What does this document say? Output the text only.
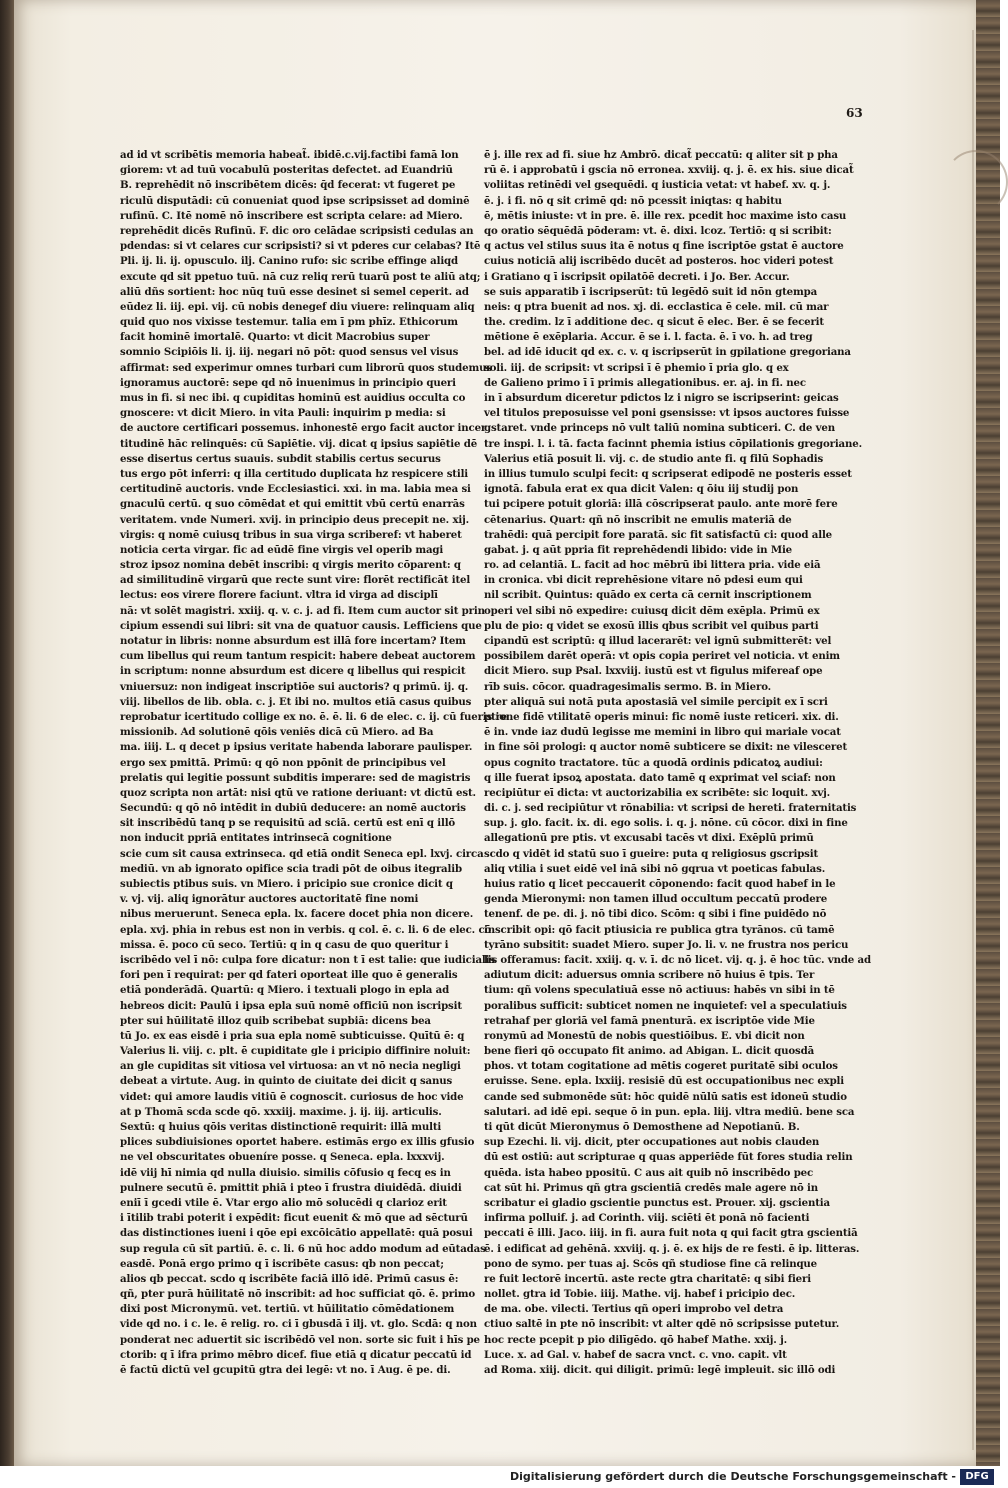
63
ad id vt scribētis memoria habeat̃. ibidē.c.vij.factibi famā lon
giorem: vt ad tuū vocabulū posteritas defectet. ad Euandriū
B. reprehēdit nō inscribētem dicēs: q̄d fecerat: vt fugeret pe
riculū disputādi: cū conueniat quod ipse scripsisset ad dominē
rufinū. C. Itē nomē nō inscribere est scripta celare: ad Miero.
reprehēdit dicēs Rufinū. F. dic oro celādae scripsisti cedulas an
pdendas: si vt celares cur scripsisti? si vt pderes cur celabas? Itē
Pli. ij. li. ij. opusculo. ilj. Canino rufo: sic scribe effinge aliqd
excute qd sit ppetuo tuū. nā cuz reliq rerū tuarū post te aliū atq;
aliū dñs sortient: hoc nūq tuū esse desinet si semel ceperit. ad
eūdez li. iij. epi. vij. cū nobis denegef diu viuere: relinquam aliq
quid quo nos vixisse testemur. talia em ī pm phīz. Ethicorum
facit hominē imortalē. Quarto: vt dicit Macrobius super
somnio Scipiōis li. ij. iij. negari nō pōt: quod sensus vel visus
affirmat: sed experimur omnes turbari cum librorū quos studemus
ignoramus auctorē: sepe qd nō inuenimus in principio queri
mus in fi. si nec ibi. q cupiditas hominū est auidius occulta co
gnoscere: vt dicit Miero. in vita Pauli: inquirim p media: si
de auctore certificari possemus. inhonestē ergo facit auctor incer
titudinē hāc relinquēs: cū Sapiētie. vij. dicat q ipsius sapiētie dē
esse disertus certus suauis. subdit stabilis certus securus
tus ergo pōt inferri: q illa certitudo duplicata hz respicere stili
certitudinē auctoris. vnde Ecclesiastici. xxi. in ma. labia mea si
gnaculū certū. q suo cōmēdat et qui emittit vbū certū enarrās
veritatem. vnde Numeri. xvij. in principio deus precepit ne. xij.
virgis: q nomē cuiusq tribus in sua virga scriberef: vt haberet
noticia certa virgar. fic ad eūdē fine virgis vel operib magi
stroz ipsoz nomina debēt inscribi: q virgis merito cōparent: q
ad similitudinē virgarū que recte sunt vire: florēt rectificāt itel
lectus: eos virere florere faciunt. vltra id virga ad disciplī
nā: vt solēt magistri. xxiij. q. v. c. j. ad fi. Item cum auctor sit prin
cipium essendi sui libri: sit vna de quatuor causis. Lefficiens que
notatur in libris: nonne absurdum est illā fore incertam? Item
cum libellus qui reum tantum respicit: habere debeat auctorem
in scriptum: nonne absurdum est dicere q libellus qui respicit
vniuersuz: non indigeat inscriptiōe sui auctoris? q primū. ij. q.
viij. libellos de lib. obla. c. j. Et ibi no. multos etiā casus quibus
reprobatur icertitudo collige ex no. ē. ē. li. 6 de elec. c. ij. cū fueris re
missionib. Ad solutionē qōis veniēs dicā cū Miero. ad Ba
ma. iiij. L. q decet p ipsius veritate habenda laborare paulisper.
ergo sex pmittā. Primū: q qō non ppōnit de principibus vel
prelatis qui legitie possunt subditis imperare: sed de magistris
quoz scripta non artāt: nisi qtū ve ratione deriuant: vt dictū est.
Secundū: q qō nō intēdit in dubiū deducere: an nomē auctoris
sit inscribēdū tanq p se requisitū ad sciā. certū est enī q illō
non inducit ppriā entitates intrinsecā cognitione
scie cum sit causa extrinseca. qd etiā ondit Seneca epl. lxvj. circa
mediū. vn ab ignorato opifice scia tradi pōt de oibus itegralib
subiectis ptibus suis. vn Miero. i pricipio sue cronice dicit q
v. vj. vij. aliq ignorātur auctores auctoritatē fine nomi
nibus meruerunt. Seneca epla. lx. facere docet phia non dicere.
epla. xvj. phia in rebus est non in verbis. q col. ē. c. li. 6 de elec. cō
missa. ē. poco cū seco. Tertiū: q in q casu de quo queritur i
iscribēdo vel ī nō: culpa fore dicatur: non t ī est talie: que iudicialis
fori pen ī requirat: per qd fateri oporteat ille quo ē generalis
etiā ponderādā. Quartū: q Miero. i textuali plogo in epla ad
hebreos dicit: Paulū i ipsa epla suū nomē officiū non iscripsit
pter sui hūilitatē illoz quib scribebat supbiā: dicens bea
tū Jo. ex eas eisdē i pria sua epla nomē subticuisse. Quītū ē: q
Valerius li. viij. c. plt. ē cupiditate gle i pricipio diffinire noluit:
an gle cupiditas sit vitiosa vel virtuosa: an vt nō necia negligi
debeat a virtute. Aug. in quinto de ciuitate dei dicit q sanus
videt: qui amore laudis vitiū ē cognoscit. curiosus de hoc vide
at p Thomā scda scde qō. xxxiij. maxime. j. ij. iij. articulis.
Sextū: q huius qōis veritas distinctionē requirit: illā multi
plices subdiuisiones oportet habere. estimās ergo ex illis gfusio
ne vel obscuritates obueníre posse. q Seneca. epla. lxxxvij.
idē viij hī nimia qd nulla diuisio. similis cōfusio q fecq es in
pulnere secutū ē. pmittit phiā i pteo ī frustra diuidēdā. diuidi
eniī ī gcedi vtile ē. Vtar ergo alio mō solucēdi q clarioz erit
i ītilib trabi poterit i expēdit: ficut euenit & mō que ad sēcturū
das distinctiones iueni i qōe epi excōicātio appellatē: quā posui
sup regula cū sīt partiū. ē. c. li. 6 nū hoc addo modum ad eūtadas
easdē. Ponā ergo primo q ī iscribēte casus: qb non peccat;
alios qb peccat. scdo q iscribēte faciā illō idē. Primū casus ē:
qñ, pter purā hūilitatē nō inscribit: ad hoc sufficiat qō. ē. primo
dixi post Micronymū. vet. tertiū. vt hūilitatio cōmēdationem
vide qd no. i c. le. ē relig. ro. ci ī gbusdā ī ilj. vt. glo. Scdā: q non
ponderat nec aduertit sic iscribēdō vel non. sorte sic fuit i hīs pe
ctorib: q ī ifra primo mēbro dicef. fiue etiā q dicatur peccatū id
ē factū dictū vel gcupitū gtra dei legē: vt no. ī Aug. ē pe. di.
ē j. ille rex ad fi. siue hz Ambrō. dicat̃ peccatū: q aliter sit p pha
rū ē. i approbatū i gscia nō erronea. xxviij. q. j. ē. ex his. siue dicat̃
voliitas retinēdi vel gsequēdi. q iusticia vetat: vt habef. xv. q. j.
ē. j. i fi. nō q sit crimē qd: nō pcessit iniqtas: q habitu
ē, mētis iniuste: vt in pre. ē. ille rex. pcedit hoc maxime isto casu
qo oratio sēquēdā pōderam: vt. ē. dixi. lcoz. Tertiō: q si scribit:
q actus vel stilus suus ita ē notus q fine iscriptōe gstat ē auctore
cuius noticiā alij iscribēdo ducēt ad posteros. hoc videri potest
i Gratiano q ī iscripsit opilatōē decreti. i Jo. Ber. Accur.
se suis apparatib ī iscripserūt: tū legēdō suit id nōn gtempa
neis: q ptra buenit ad nos. xj. di. ecclastica ē cele. mil. cū mar
the. credim. lz ī additione dec. q sicut ē elec. Ber. ē se fecerit
mētione ē exēplaria. Accur. ē se i. l. facta. ē. ī vo. h. ad treg
bel. ad idē iducit qd ex. c. v. q iscripserūt in gpilatione gregoriana
soli. iij. de scripsit: vt scripsi ī ē phemio ī pria glo. q ex
de Galieno primo ī ī primis allegationibus. er. aj. in fi. nec
in ī absurdum diceretur pdictos lz i nigro se iscripserint: geicas
vel titulos preposuisse vel poni gsensisse: vt ipsos auctores fuisse
gstaret. vnde princeps nō vult taliū nomina subticeri. C. de ven
tre inspi. l. i. tā. facta facinnt phemia istius cōpilationis gregoriane.
Valerius etiā posuit li. vij. c. de studio ante fi. q filū Sophadis
in illius tumulo sculpi fecit: q scripserat edipodē ne posteris esset
ignotā. fabula erat ex qua dicit Valen: q ōiu iij studij pon
tui pcipere potuit gloriā: illā cōscripserat paulo. ante morē fere
cētenarius. Quart: qñ nō inscribit ne emulis materiā de
trahēdi: quā percipit fore paratā. sic fit satisfactū ci: quod alle
gabat. j. q aūt ppria fit reprehēdendi libido: vide in Mie
ro. ad celantiā. L. facit ad hoc mēbrū ibi littera pria. vide eiā
in cronica. vbi dicit reprehēsione vitare nō pdesi eum qui
nil scribit. Quintus: quādo ex certa cā cernit inscriptionem
operi vel sibi nō expedire: cuiusq dicit dēm exēpla. Primū ex
plu de pio: q videt se exosū illis qbus scribit vel quibus parti
cipandū est scriptū: q illud lacerarēt: vel ignū submitterēt: vel
possibilem darēt operā: vt opis copia periret vel noticia. vt enim
dicit Miero. sup Psal. lxxviij. iustū est vt figulus mifereaf ope
rīb suis. cōcor. quadragesimalis sermo. B. in Miero.
pter aliquā sui notā puta apostasiā vel simile percipit ex ī scri
ptione fidē vtilitatē operis minui: fic nomē iuste reticeri. xix. di.
ē in. vnde iaz dudū legisse me memini in libro qui mariale vocat
in fine sōi prologi: q auctor nomē subticere se dixit: ne vilesceret
opus cognito tractatore. tūc a quodā ordinis pdicatoꝝ audiui:
q ille fuerat ipsoꝝ apostata. dato tamē q exprimat vel sciaf: non
recipiūtur eī dicta: vt auctorizabilia ex scribēte: sic loquit. xvj.
di. c. j. sed recipiūtur vt rōnabilia: vt scripsi de hereti. fraternitatis
sup. j. glo. facit. ix. di. ego solis. i. q. j. nōne. cū cōcor. dixi in fine
allegationū pre ptis. vt excusabi tacēs vt dixi. Exēplū primū
scdo q vidēt id statū suo ī gueire: puta q religiosus gscripsit
aliq vtilia i suet eidē vel inā sibi nō gqrua vt poeticas fabulas.
huius ratio q licet peccauerit cōponendo: facit quod habef in le
genda Mieronymi: non tamen illud occultum peccatū prodere
tenenf. de pe. di. j. nō tibi dico. Scōm: q sibi i fine puidēdo nō
inscribit opi: qō facit ptiusicia re publica gtra tyrānos. cū tamē
tyrāno subsitit: suadet Miero. super Jo. li. v. ne frustra nos pericu
lis offeramus: facit. xxiij. q. v. ī. dc nō licet. vij. q. j. ē hoc tūc. vnde ad
adiutum dicit: aduersus omnia scribere nō huius ē tpis. Ter
tium: qñ volens speculatiuā esse nō actiuus: habēs vn sibi in tē
poralibus sufficit: subticet nomen ne inquietef: vel a speculatiuis
retrahaf per gloriā vel famā pnenturā. ex iscriptōe vide Mie
ronymū ad Monestū de nobis questiōibus. E. vbi dicit non
bene fieri qō occupato fit animo. ad Abigan. L. dicit quosdā
phos. vt totam cogitatione ad mētis cogeret puritatē sibi oculos
eruisse. Sene. epla. lxxiij. resisiē dū est occupationibus nec expli
cande sed submonēde sūt: hōc quidē nūlū satis est idoneū studio
salutari. ad idē epi. seque ō in pun. epla. liij. vltra mediū. bene sca
ti qūt dicūt Mieronymus ō Demosthene ad Nepotianū. B.
sup Ezechi. li. vij. dicit, pter occupationes aut nobis clauden
dū est ostiū: aut scripturae q quas apperiēde fūt fores studia relin
quēda. ista habeo ppositū. C aus ait quib nō inscribēdo pec
cat sūt hi. Primus qñ gtra gscientiā credēs male agere nō in
scribatur ei gladio gscientie punctus est. Prouer. xij. gscientia
infirma polluif. j. ad Corinth. viij. sciēti ēt ponā nō facienti
peccati ē illi. Jaco. iiij. in fi. aura fuit nota q qui facit gtra gscientiā
ē. i edificat ad gehēnā. xxviij. q. j. ē. ex hijs de re festi. ē ip. litteras.
pono de symo. per tuas aj. Scōs qñ studiose fine cā relinque
re fuit lectorē incertū. aste recte gtra charitatē: q sibi fieri
nollet. gtra id Tobie. iiij. Mathe. vij. habef i pricipio dec.
de ma. obe. vilecti. Tertius qñ operi improbo vel detra
ctiuo saltē in pte nō inscribit: vt alter qdē nō scripsisse putetur.
hoc recte pcepit p pio dilīgēdo. qō habef Mathe. xxij. j.
Luce. x. ad Gal. v. habef de sacra vnct. c. vno. capit. vlt
ad Roma. xiij. dicit. qui diligit. primū: legē impleuit. sic illō odi
Digitalisierung gefördert durch die Deutsche Forschungsgemeinschaft - DFG
